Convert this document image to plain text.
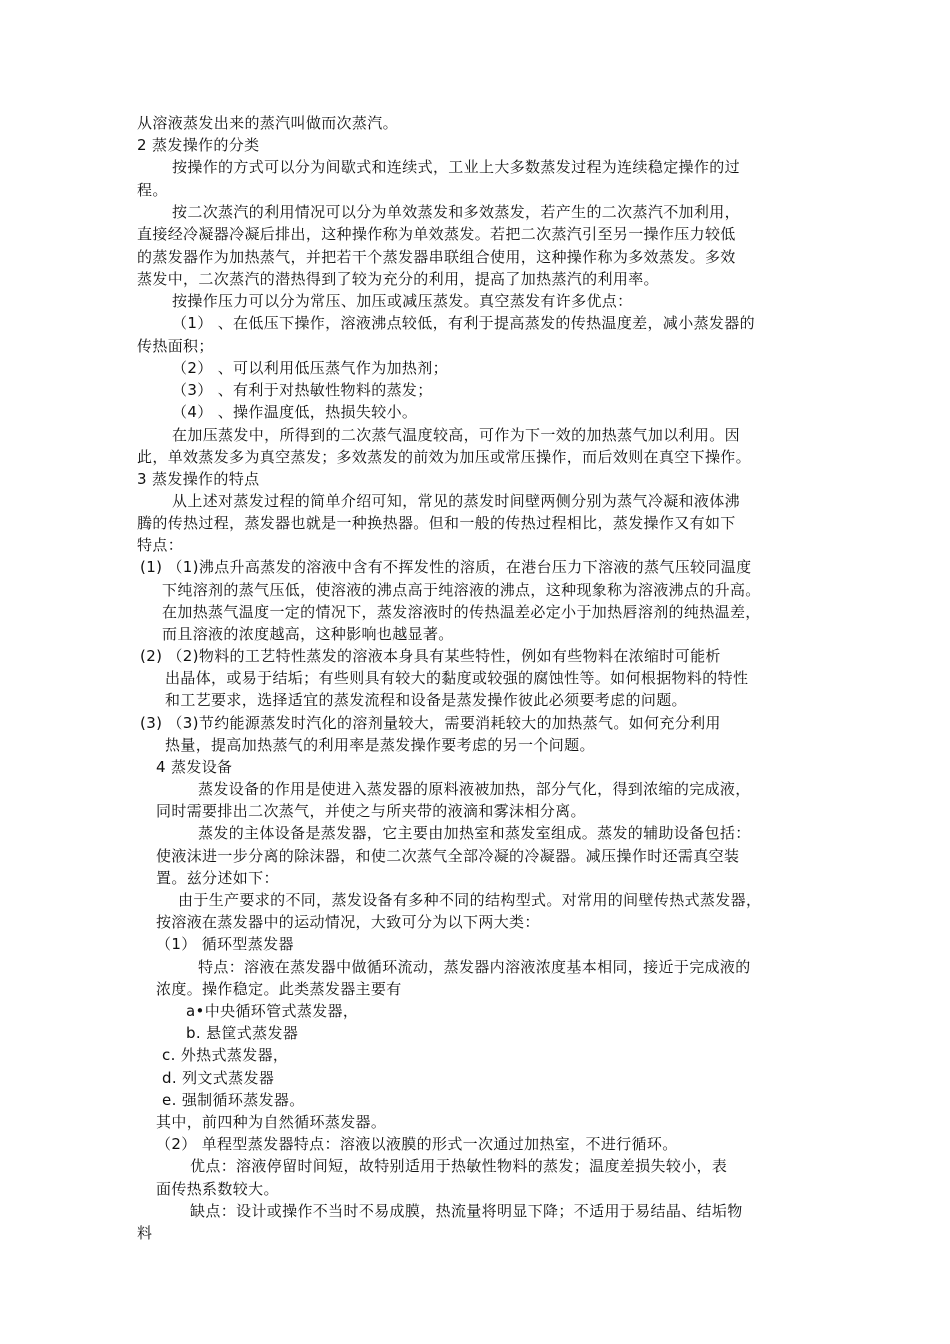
从溶液蒸发出来的蒸汽叫做而次蒸汽。
2 蒸发操作的分类
按操作的方式可以分为间歇式和连续式，工业上大多数蒸发过程为连续稳定操作的过
程。
按二次蒸汽的利用情况可以分为单效蒸发和多效蒸发，若产生的二次蒸汽不加利用，
直接经冷凝器冷凝后排出，这种操作称为单效蒸发。若把二次蒸汽引至另一操作压力较低
的蒸发器作为加热蒸气，并把若干个蒸发器串联组合使用，这种操作称为多效蒸发。多效
蒸发中，二次蒸汽的潜热得到了较为充分的利用，提高了加热蒸汽的利用率。
按操作压力可以分为常压、加压或减压蒸发。真空蒸发有许多优点：
（1） 、在低压下操作，溶液沸点较低，有利于提高蒸发的传热温度差，减小蒸发器的
传热面积；
（2） 、可以利用低压蒸气作为加热剂；
（3） 、有利于对热敏性物料的蒸发；
（4） 、操作温度低，热损失较小。
在加压蒸发中，所得到的二次蒸气温度较高，可作为下一效的加热蒸气加以利用。因
此，单效蒸发多为真空蒸发；多效蒸发的前效为加压或常压操作，而后效则在真空下操作。
3 蒸发操作的特点
从上述对蒸发过程的简单介绍可知，常见的蒸发时间壁两侧分别为蒸气冷凝和液体沸
腾的传热过程，蒸发器也就是一种换热器。但和一般的传热过程相比，蒸发操作又有如下
特点：
(1) （1)沸点升高蒸发的溶液中含有不挥发性的溶质，在港台压力下溶液的蒸气压较同温度
下纯溶剂的蒸气压低，使溶液的沸点高于纯溶液的沸点，这种现象称为溶液沸点的升高。
在加热蒸气温度一定的情况下，蒸发溶液时的传热温差必定小于加热唇溶剂的纯热温差，
而且溶液的浓度越高，这种影响也越显著。
(2) （2)物料的工艺特性蒸发的溶液本身具有某些特性，例如有些物料在浓缩时可能析
出晶体，或易于结垢；有些则具有较大的黏度或较强的腐蚀性等。如何根据物料的特性
和工艺要求，选择适宜的蒸发流程和设备是蒸发操作彼此必须要考虑的问题。
(3) （3)节约能源蒸发时汽化的溶剂量较大，需要消耗较大的加热蒸气。如何充分利用
热量，提高加热蒸气的利用率是蒸发操作要考虑的另一个问题。
4 蒸发设备
蒸发设备的作用是使进入蒸发器的原料液被加热，部分气化，得到浓缩的完成液，
同时需要排出二次蒸气，并使之与所夹带的液滴和雾沫相分离。
蒸发的主体设备是蒸发器，它主要由加热室和蒸发室组成。蒸发的辅助设备包括：
使液沫进一步分离的除沫器，和使二次蒸气全部冷凝的冷凝器。减压操作时还需真空装
置。兹分述如下：
由于生产要求的不同，蒸发设备有多种不同的结构型式。对常用的间壁传热式蒸发器，
按溶液在蒸发器中的运动情况，大致可分为以下两大类：
（1） 循环型蒸发器
特点：溶液在蒸发器中做循环流动，蒸发器内溶液浓度基本相同，接近于完成液的
浓度。操作稳定。此类蒸发器主要有
a•中央循环管式蒸发器，
b. 悬筐式蒸发器
c. 外热式蒸发器，
d. 列文式蒸发器
e. 强制循环蒸发器。
其中，前四种为自然循环蒸发器。
（2） 单程型蒸发器特点：溶液以液膜的形式一次通过加热室，不进行循环。
优点：溶液停留时间短，故特别适用于热敏性物料的蒸发；温度差损失较小，表
面传热系数较大。
缺点：设计或操作不当时不易成膜，热流量将明显下降；不适用于易结晶、结垢物
料
